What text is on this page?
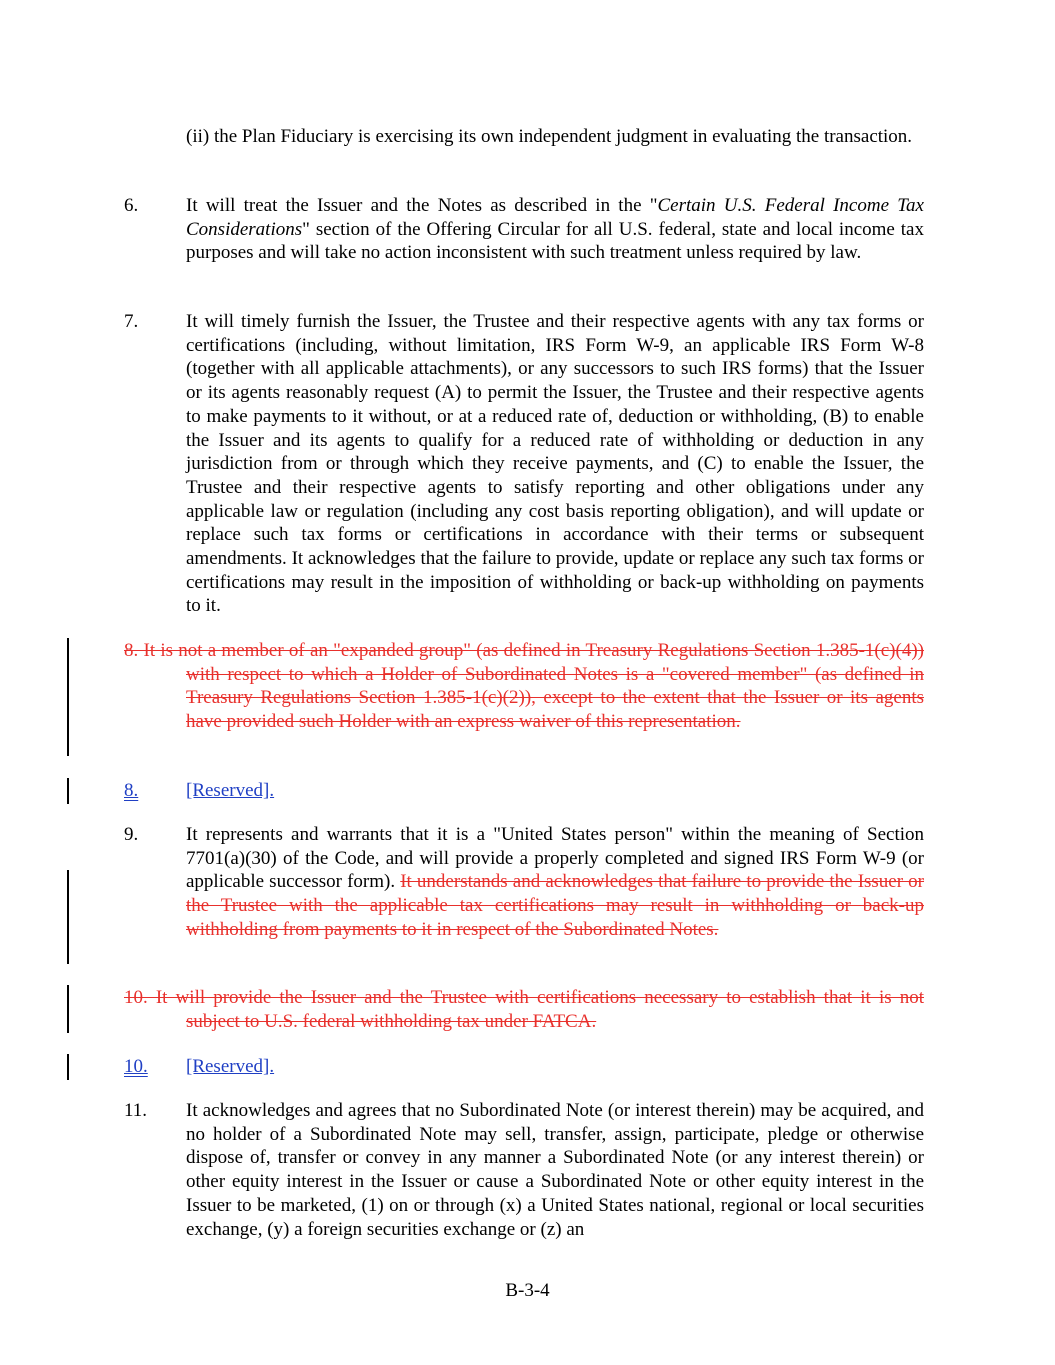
(ii) the Plan Fiduciary is exercising its own independent judgment in evaluating the transaction.
6.	It will treat the Issuer and the Notes as described in the "Certain U.S. Federal Income Tax Considerations" section of the Offering Circular for all U.S. federal, state and local income tax purposes and will take no action inconsistent with such treatment unless required by law.
7.	It will timely furnish the Issuer, the Trustee and their respective agents with any tax forms or certifications (including, without limitation, IRS Form W-9, an applicable IRS Form W-8 (together with all applicable attachments), or any successors to such IRS forms) that the Issuer or its agents reasonably request (A) to permit the Issuer, the Trustee and their respective agents to make payments to it without, or at a reduced rate of, deduction or withholding, (B) to enable the Issuer and its agents to qualify for a reduced rate of withholding or deduction in any jurisdiction from or through which they receive payments, and (C) to enable the Issuer, the Trustee and their respective agents to satisfy reporting and other obligations under any applicable law or regulation (including any cost basis reporting obligation), and will update or replace such tax forms or certifications in accordance with their terms or subsequent amendments. It acknowledges that the failure to provide, update or replace any such tax forms or certifications may result in the imposition of withholding or back-up withholding on payments to it.
8. It is not a member of an "expanded group" (as defined in Treasury Regulations Section 1.385-1(c)(4)) with respect to which a Holder of Subordinated Notes is a "covered member" (as defined in Treasury Regulations Section 1.385-1(c)(2)), except to the extent that the Issuer or its agents have provided such Holder with an express waiver of this representation.
8.	[Reserved].
9.	It represents and warrants that it is a "United States person" within the meaning of Section 7701(a)(30) of the Code, and will provide a properly completed and signed IRS Form W-9 (or applicable successor form). It understands and acknowledges that failure to provide the Issuer or the Trustee with the applicable tax certifications may result in withholding or back-up withholding from payments to it in respect of the Subordinated Notes.
10. It will provide the Issuer and the Trustee with certifications necessary to establish that it is not subject to U.S. federal withholding tax under FATCA.
10. [Reserved].
11. It acknowledges and agrees that no Subordinated Note (or interest therein) may be acquired, and no holder of a Subordinated Note may sell, transfer, assign, participate, pledge or otherwise dispose of, transfer or convey in any manner a Subordinated Note (or any interest therein) or other equity interest in the Issuer or cause a Subordinated Note or other equity interest in the Issuer to be marketed, (1) on or through (x) a United States national, regional or local securities exchange, (y) a foreign securities exchange or (z) an
B-3-4
